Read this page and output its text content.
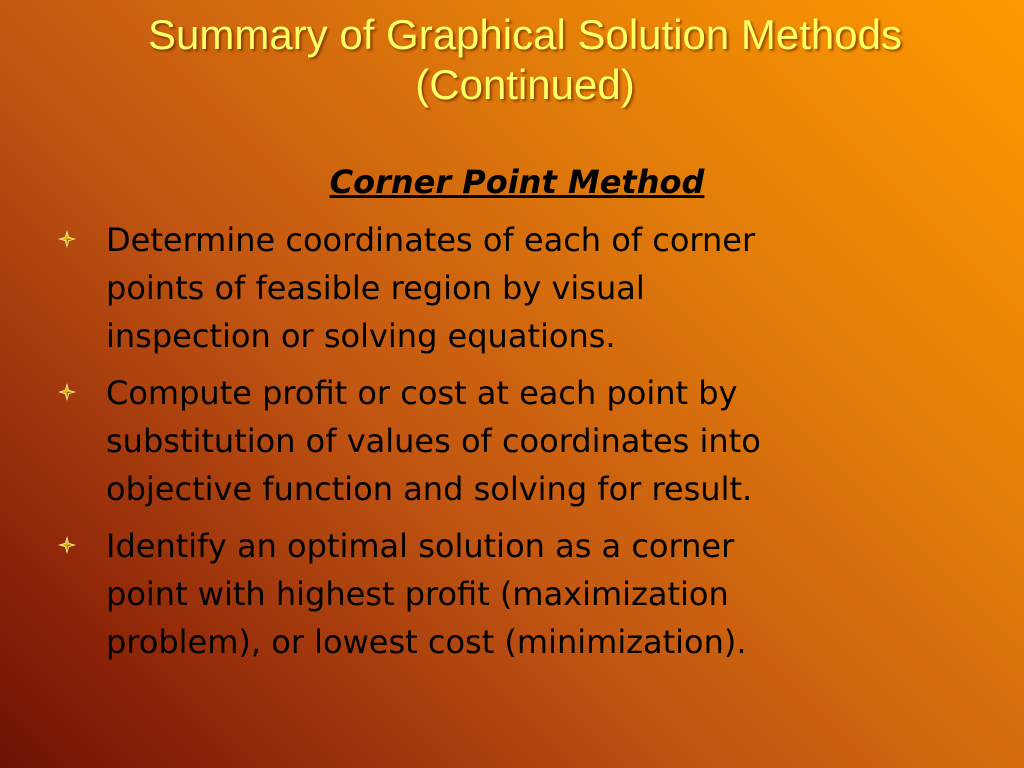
Summary of Graphical Solution Methods
(Continued)
Corner Point Method
Determine coordinates of each of corner
points of feasible region by visual
inspection or solving equations.
Compute profit or cost at each point by
substitution of values of coordinates into
objective function and solving for result.
Identify an optimal solution as a corner
point with highest profit (maximization
problem), or lowest cost (minimization).
